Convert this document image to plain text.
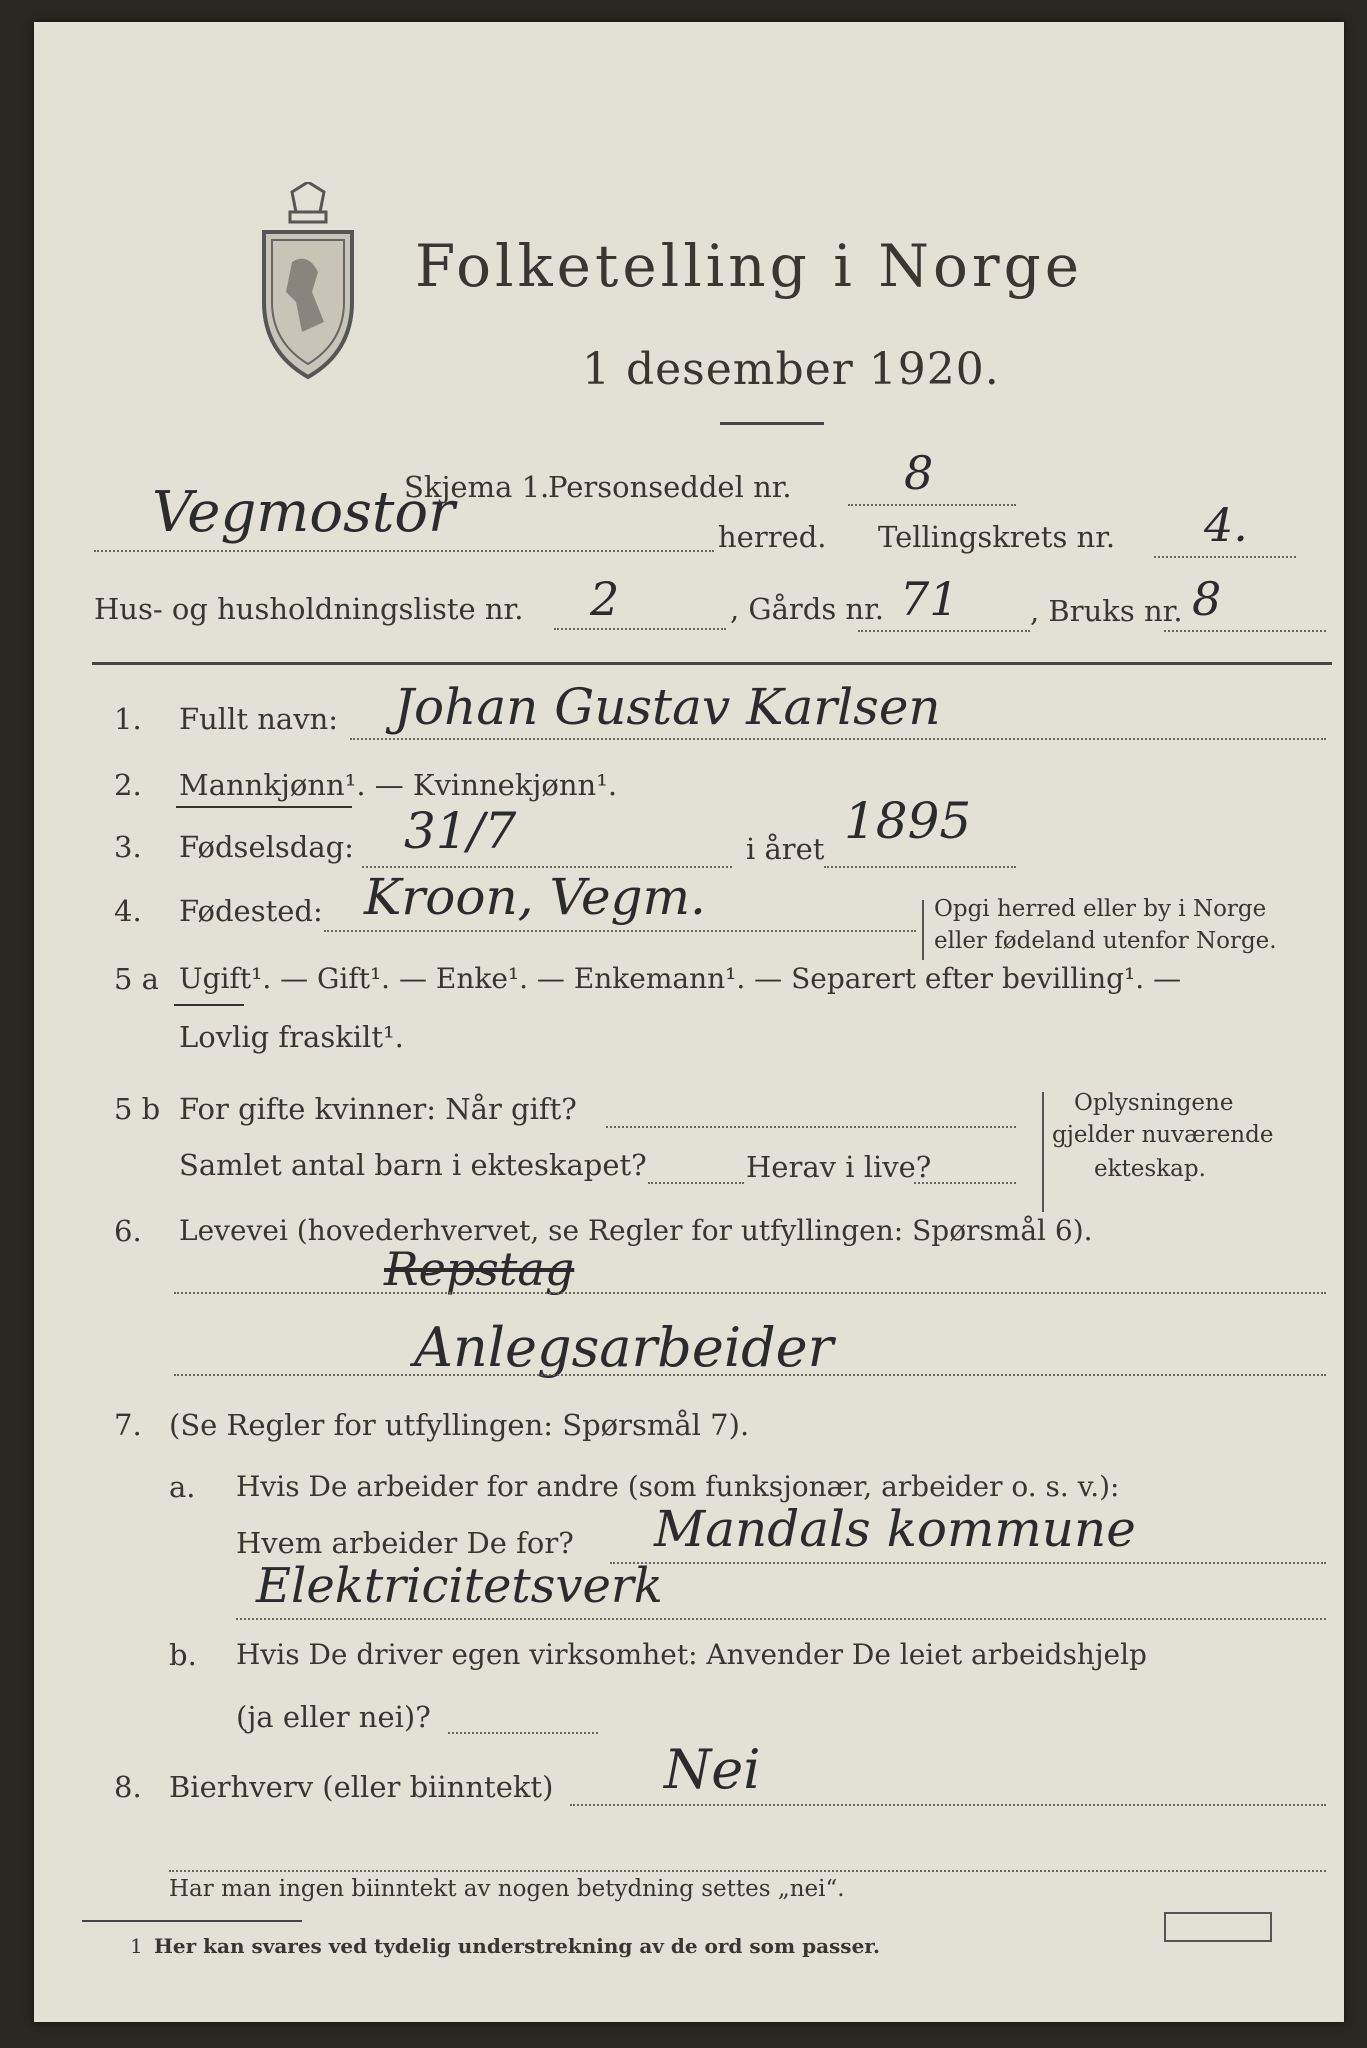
Folketelling i Norge
1 desember 1920.
Skjema 1.
Personseddel nr. 8
Vegmostor	herred. Tellingskrets nr. 4.
Hus- og husholdningsliste nr. 2	, Gårds nr. 71 , Bruks nr. 8
1. Fullt navn: Johan Gustav Karlsen
2. Mannkjønn¹. — Kvinnekjønn¹.
3. Fødselsdag: 31/7	i året 1895
4. Fødested: Kroon, Vegm.	Opgi herred eller by i Norge
eller fødeland utenfor Norge.
5 a Ugift¹. — Gift¹. — Enke¹. — Enkemann¹. — Separert efter bevilling¹. —
Lovlig fraskilt¹.
5 b For gifte kvinner: Når gift?
Samlet antal barn i ekteskapet?	Herav i live?
Oplysningene
gjelder nuværende
ekteskap.
6. Levevei (hovederhvervet, se Regler for utfyllingen: Spørsmål 6).
Repstag
Anlegsarbeider
7. (Se Regler for utfyllingen: Spørsmål 7).
a. Hvis De arbeider for andre (som funksjonær, arbeider o. s. v.):
Hvem arbeider De for? Mandals kommune
Elektricitetsverk
b. Hvis De driver egen virksomhet: Anvender De leiet arbeidshjelp
(ja eller nei)?
8. Bierhverv (eller biinntekt) Nei
Har man ingen biinntekt av nogen betydning settes „nei“.
1 Her kan svares ved tydelig understrekning av de ord som passer.
